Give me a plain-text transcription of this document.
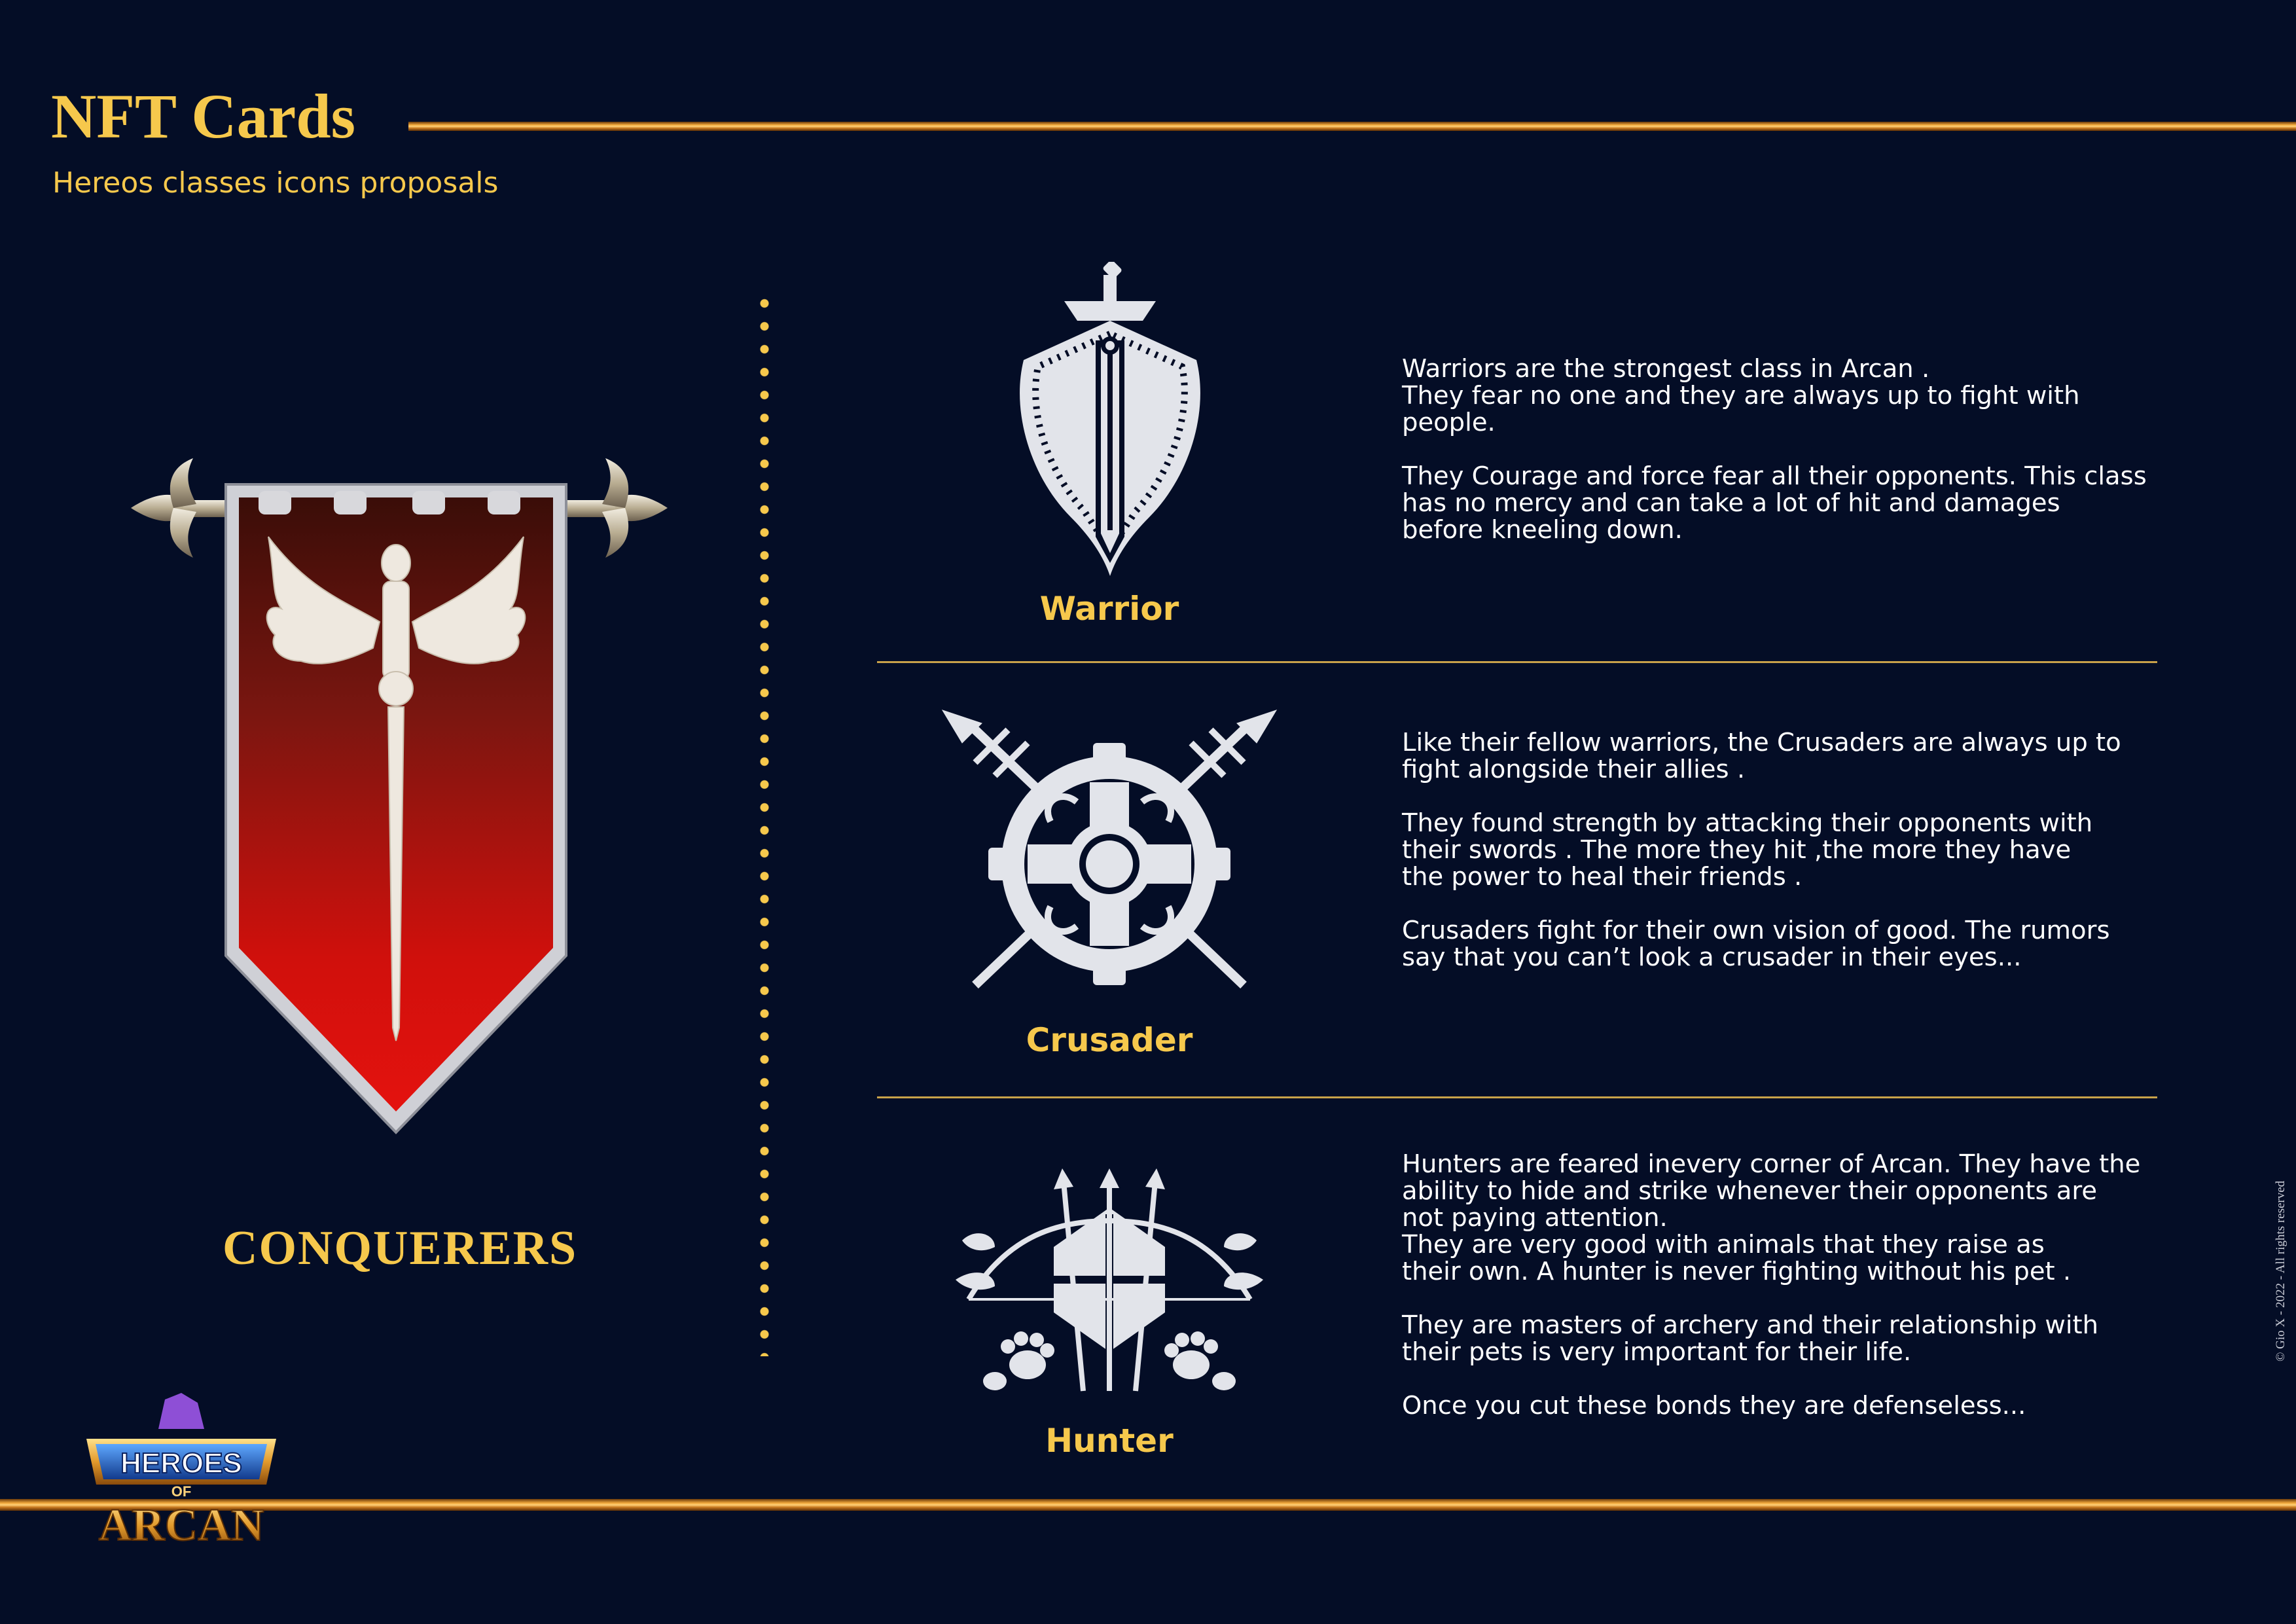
NFT Cards
Hereos classes icons proposals
CONQUERERS
Warrior

Warriors are the strongest class in Arcan .
They fear no one and they are always up to fight with
people.

They Courage and force fear all their opponents. This class
has no mercy and can take a lot of hit and damages
before kneeling down.

Crusader

Like their fellow warriors, the Crusaders are always up to
fight alongside their allies .

They found strength by attacking their opponents with
their swords . The more they hit ,the more they have
the power to heal their friends .

Crusaders fight for their own vision of good. The rumors
say that you can’t look a crusader in their eyes...

Hunter

Hunters are feared inevery corner of Arcan. They have the
ability to hide and strike whenever their opponents are
not paying attention.
They are very good with animals that they raise as
their own. A hunter is never fighting without his pet .

They are masters of archery and their relationship with
their pets is very important for their life.

Once you cut these bonds they are defenseless...

HEROES
OF
ARCAN
© Gio X - 2022 - All rights reserved
